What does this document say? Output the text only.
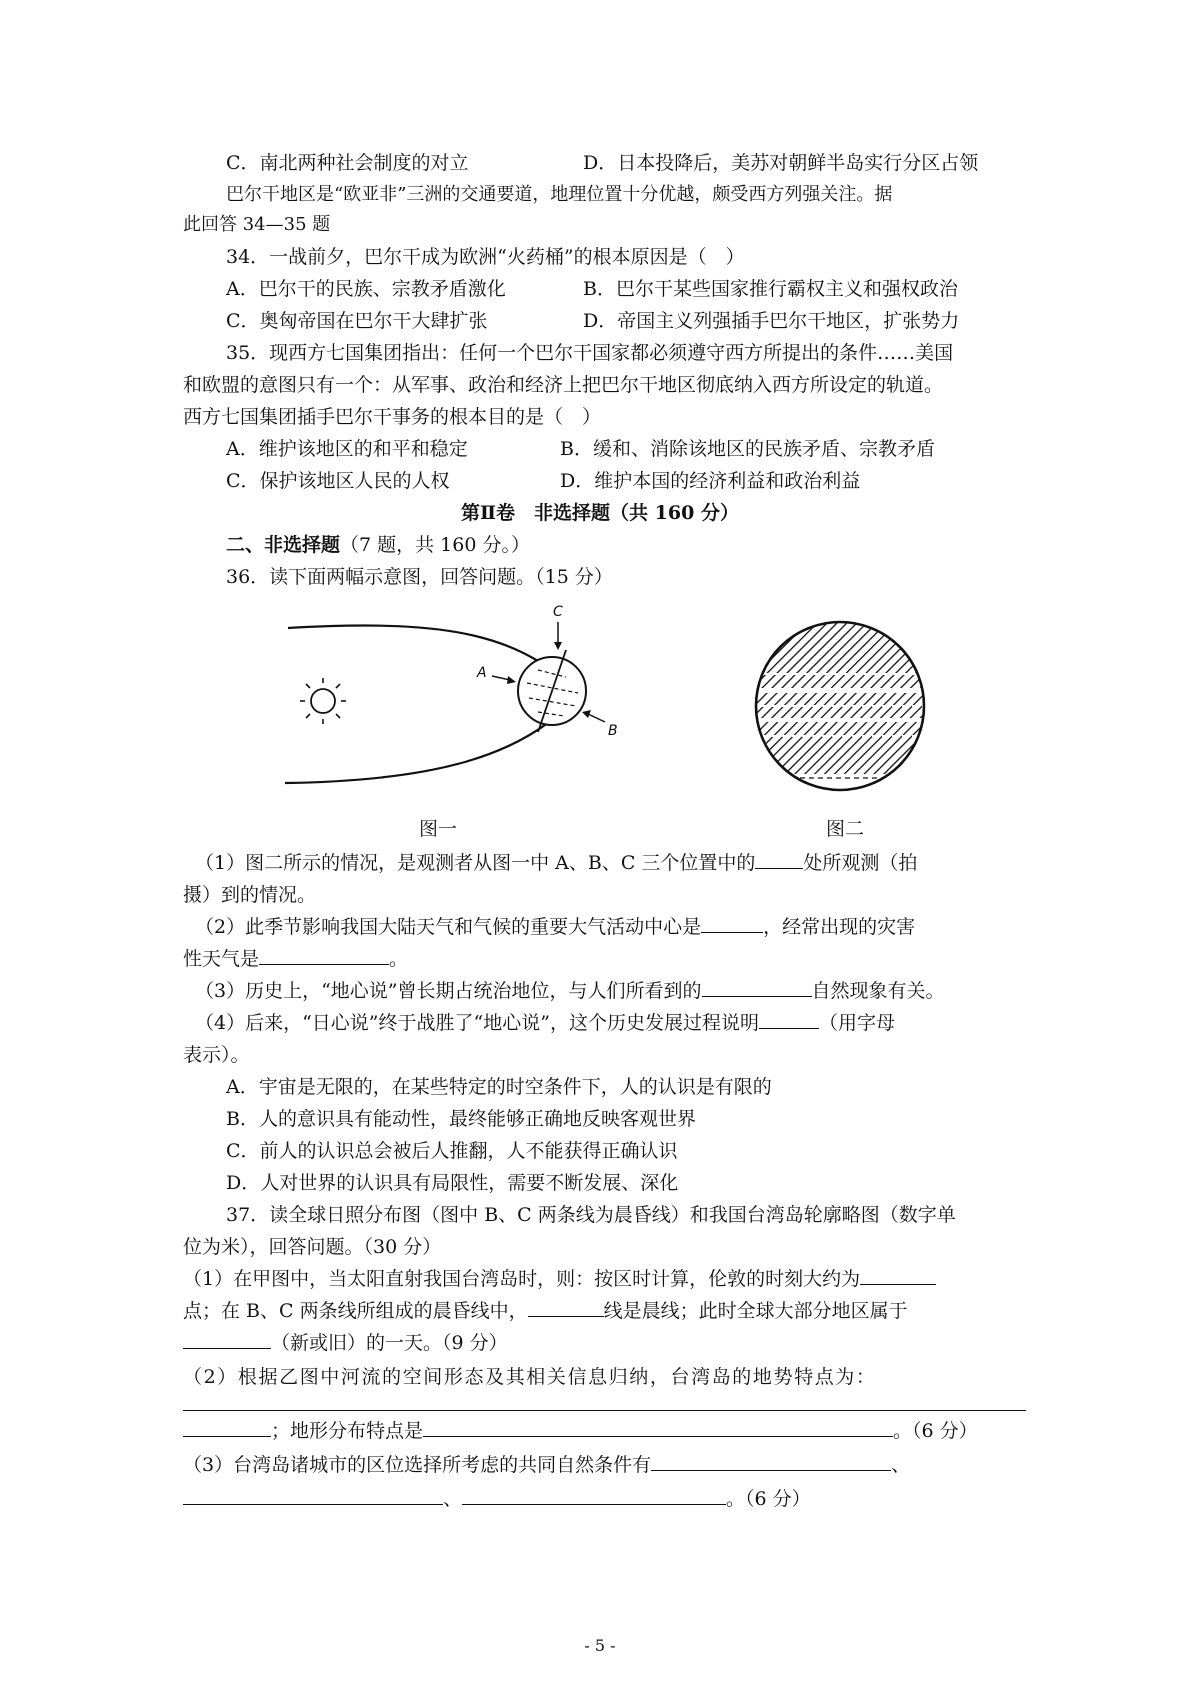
C．南北两种社会制度的对立	D．日本投降后，美苏对朝鲜半岛实行分区占领
巴尔干地区是“欧亚非”三洲的交通要道，地理位置十分优越，颇受西方列强关注。据
此回答 34—35 题
34．一战前夕，巴尔干成为欧洲“火药桶”的根本原因是（　）
A．巴尔干的民族、宗教矛盾激化	B．巴尔干某些国家推行霸权主义和强权政治
C．奥匈帝国在巴尔干大肆扩张	D．帝国主义列强插手巴尔干地区，扩张势力
35．现西方七国集团指出：任何一个巴尔干国家都必须遵守西方所提出的条件……美国
和欧盟的意图只有一个：从军事、政治和经济上把巴尔干地区彻底纳入西方所设定的轨道。
西方七国集团插手巴尔干事务的根本目的是（　）
A．维护该地区的和平和稳定	B．缓和、消除该地区的民族矛盾、宗教矛盾
C．保护该地区人民的人权	D．维护本国的经济利益和政治利益
第Ⅱ卷　非选择题（共 160 分）
二、非选择题（7 题，共 160 分。）
36．读下面两幅示意图，回答问题。（15 分）
C
A
B
图一	图二
（1）图二所示的情况，是观测者从图一中 A、B、C 三个位置中的	处所观测（拍
摄）到的情况。
（2）此季节影响我国大陆天气和气候的重要大气活动中心是	，经常出现的灾害
性天气是	。
（3）历史上，“地心说”曾长期占统治地位，与人们所看到的	自然现象有关。
（4）后来，“日心说”终于战胜了“地心说”，这个历史发展过程说明	（用字母
表示）。
A．宇宙是无限的，在某些特定的时空条件下，人的认识是有限的
B．人的意识具有能动性，最终能够正确地反映客观世界
C．前人的认识总会被后人推翻，人不能获得正确认识
D．人对世界的认识具有局限性，需要不断发展、深化
37．读全球日照分布图（图中 B、C 两条线为晨昏线）和我国台湾岛轮廓略图（数字单
位为米），回答问题。（30 分）
（1）在甲图中，当太阳直射我国台湾岛时，则：按区时计算，伦敦的时刻大约为
点；在 B、C 两条线所组成的晨昏线中，	线是晨线；此时全球大部分地区属于
（新或旧）的一天。（9 分）
（2）根据乙图中河流的空间形态及其相关信息归纳，台湾岛的地势特点为：
；地形分布特点是	。（6 分）
（3）台湾岛诸城市的区位选择所考虑的共同自然条件有	、
、	。（6 分）
- 5 -
